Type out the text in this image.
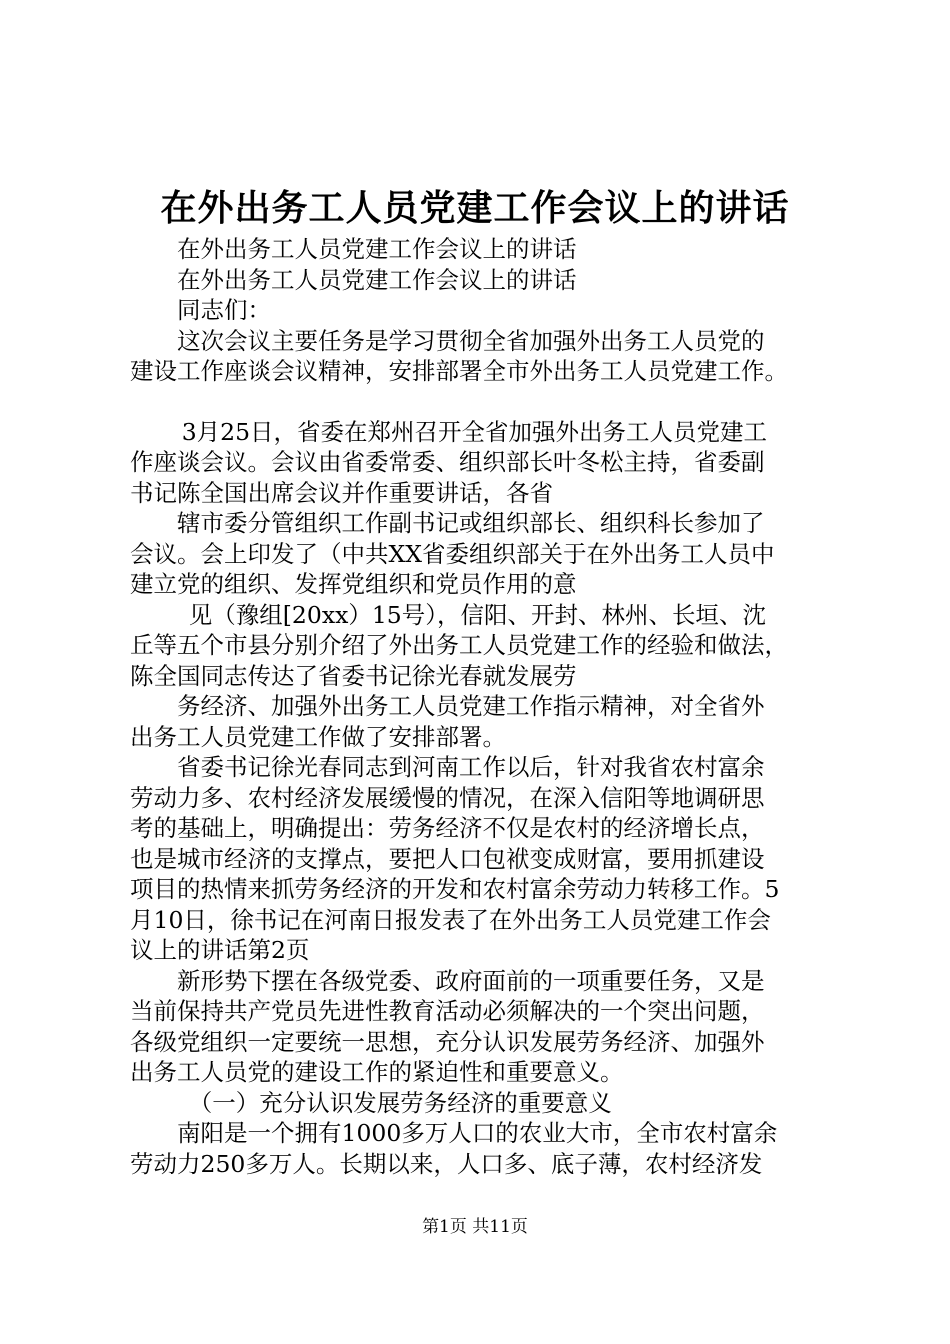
在外出务工人员党建工作会议上的讲话

在外出务工人员党建工作会议上的讲话

在外出务工人员党建工作会议上的讲话

同志们：

这次会议主要任务是学习贯彻全省加强外出务工人员党的

建设工作座谈会议精神，安排部署全市外出务工人员党建工作。

3月25日，省委在郑州召开全省加强外出务工人员党建工

作座谈会议。会议由省委常委、组织部长叶冬松主持，省委副

书记陈全国出席会议并作重要讲话，各省

辖市委分管组织工作副书记或组织部长、组织科长参加了

会议。会上印发了（中共XX省委组织部关于在外出务工人员中

建立党的组织、发挥党组织和党员作用的意

见（豫组[20xx）15号），信阳、开封、林州、长垣、沈

丘等五个市县分别介绍了外出务工人员党建工作的经验和做法，

陈全国同志传达了省委书记徐光春就发展劳

务经济、加强外出务工人员党建工作指示精神，对全省外

出务工人员党建工作做了安排部署。

省委书记徐光春同志到河南工作以后，针对我省农村富余

劳动力多、农村经济发展缓慢的情况，在深入信阳等地调研思

考的基础上，明确提出：劳务经济不仅是农村的经济增长点，

也是城市经济的支撑点，要把人口包袱变成财富，要用抓建设

项目的热情来抓劳务经济的开发和农村富余劳动力转移工作。5

月10日，徐书记在河南日报发表了在外出务工人员党建工作会

议上的讲话第2页

新形势下摆在各级党委、政府面前的一项重要任务，又是

当前保持共产党员先进性教育活动必须解决的一个突出问题，

各级党组织一定要统一思想，充分认识发展劳务经济、加强外

出务工人员党的建设工作的紧迫性和重要意义。

（一）充分认识发展劳务经济的重要意义

南阳是一个拥有1000多万人口的农业大市，全市农村富余

劳动力250多万人。长期以来，人口多、底子薄，农村经济发

第1页 共11页
